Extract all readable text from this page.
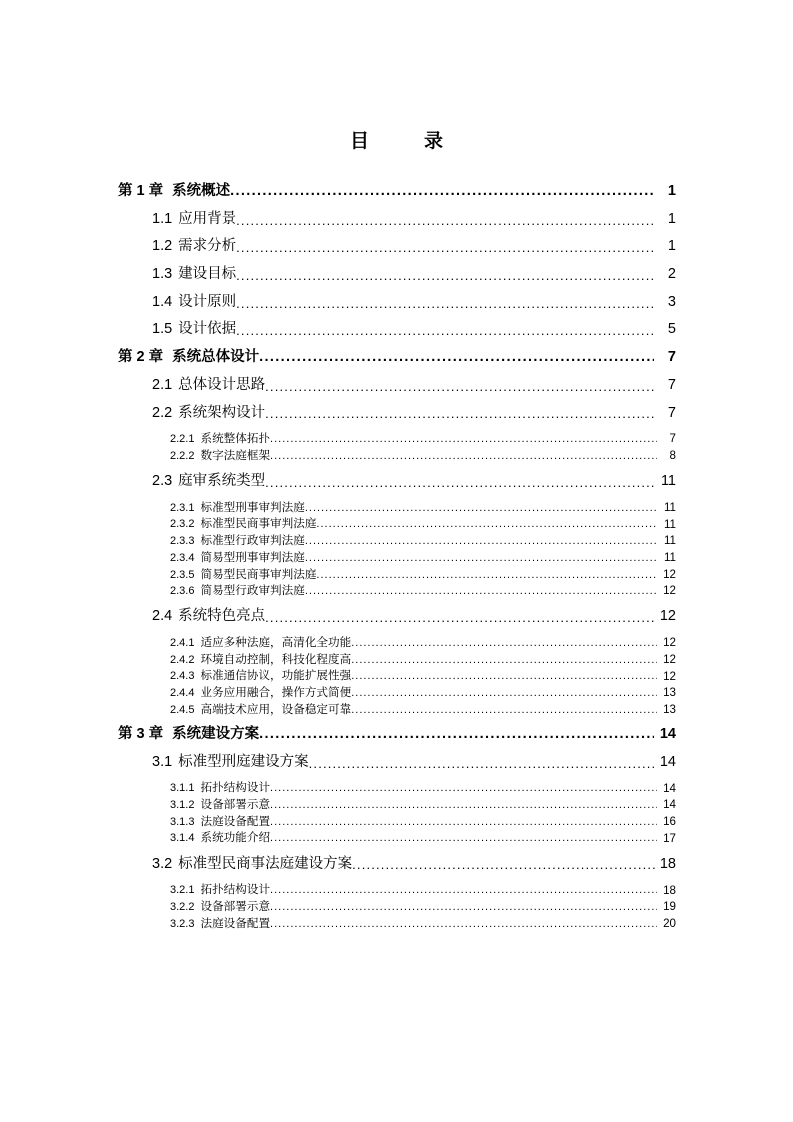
目　　录
第 1 章 系统概述 .....	1
1.1 应用背景 .....	1
1.2 需求分析 .....	1
1.3 建设目标 .....	2
1.4 设计原则 .....	3
1.5 设计依据 .....	5
第 2 章 系统总体设计 .....	7
2.1 总体设计思路 .....	7
2.2 系统架构设计 .....	7
2.2.1 系统整体拓扑 .....	7
2.2.2 数字法庭框架 .....	8
2.3 庭审系统类型 .....	11
2.3.1 标准型刑事审判法庭 .....	11
2.3.2 标准型民商事审判法庭 .....	11
2.3.3 标准型行政审判法庭 .....	11
2.3.4 简易型刑事审判法庭 .....	11
2.3.5 简易型民商事审判法庭 .....	12
2.3.6 简易型行政审判法庭 .....	12
2.4 系统特色亮点 .....	12
2.4.1 适应多种法庭，高清化全功能 .....	12
2.4.2 环境自动控制，科技化程度高 .....	12
2.4.3 标准通信协议，功能扩展性强 .....	12
2.4.4 业务应用融合，操作方式简便 .....	13
2.4.5 高端技术应用，设备稳定可靠 .....	13
第 3 章 系统建设方案 .....	14
3.1 标准型刑庭建设方案 .....	14
3.1.1 拓扑结构设计 .....	14
3.1.2 设备部署示意 .....	14
3.1.3 法庭设备配置 .....	16
3.1.4 系统功能介绍 .....	17
3.2 标准型民商事法庭建设方案 .....	18
3.2.1 拓扑结构设计 .....	18
3.2.2 设备部署示意 .....	19
3.2.3 法庭设备配置 .....	20
